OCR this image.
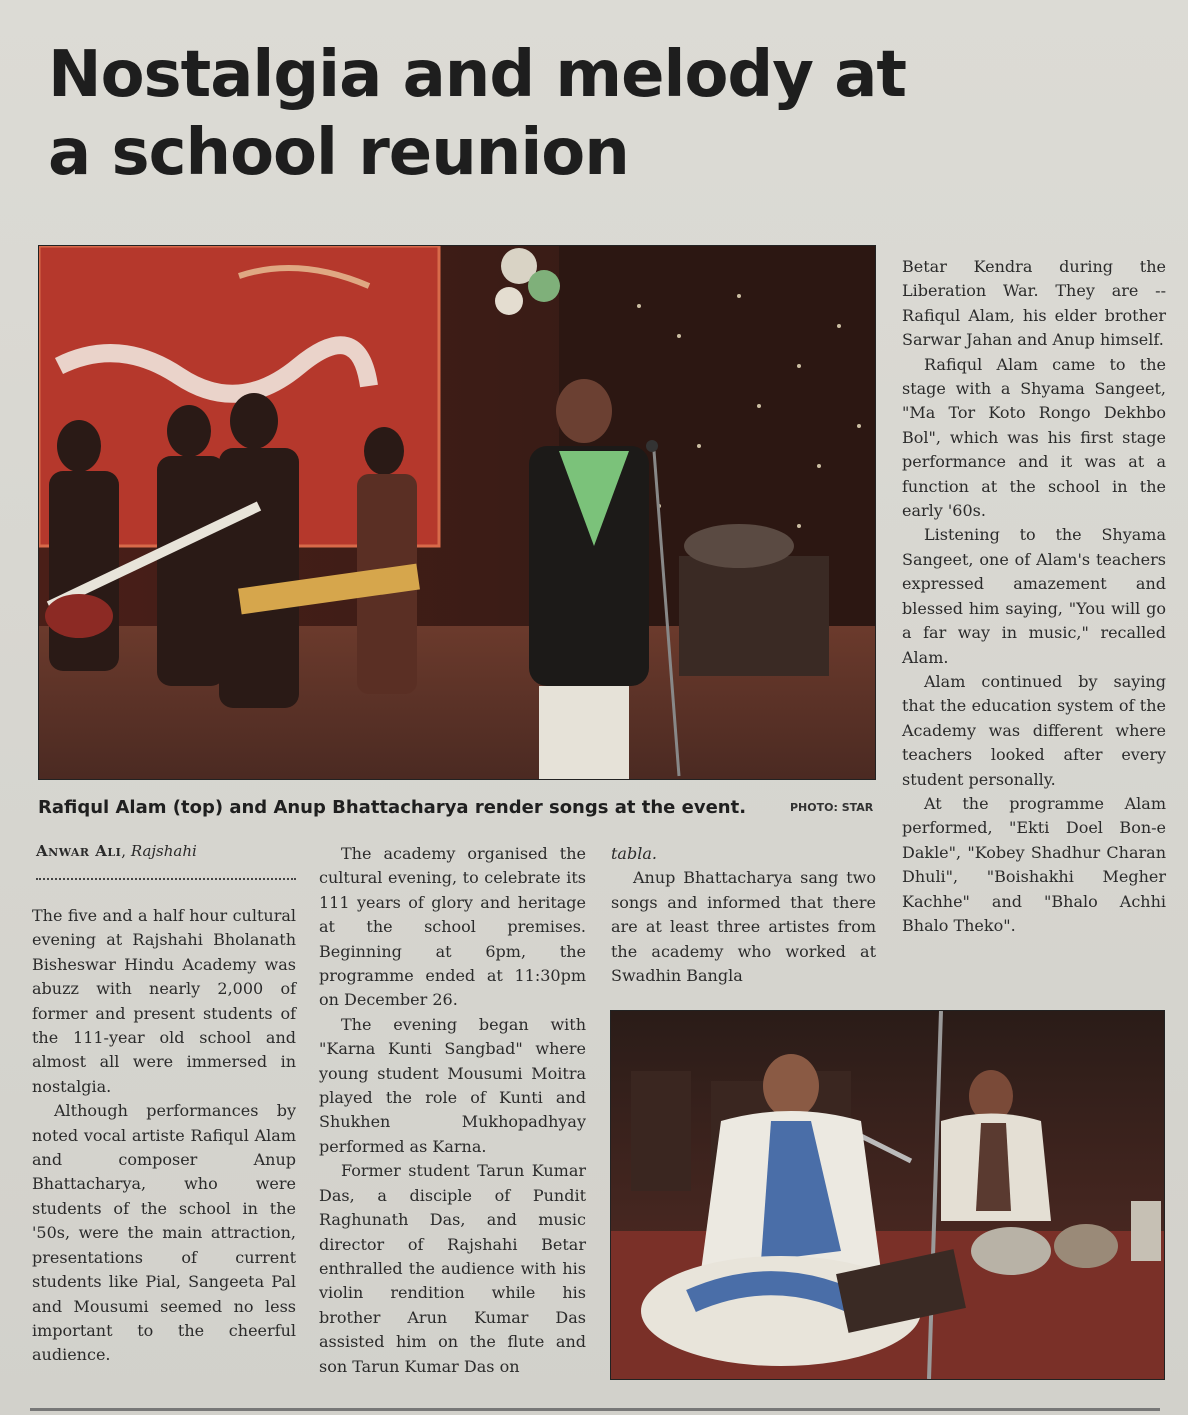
Nostalgia and melody at a school reunion
Rafiqul Alam (top) and Anup Bhattacharya render songs at the event.	PHOTO: STAR
Anwar Ali, Rajshahi

The five and a half hour cultural evening at Rajshahi Bholanath Bisheswar Hindu Academy was abuzz with nearly 2,000 of former and present students of the 111-year old school and almost all were immersed in nostalgia.

Although performances by noted vocal artiste Rafiqul Alam and composer Anup Bhattacharya, who were students of the school in the '50s, were the main attraction, presentations of current students like Pial, Sangeeta Pal and Mousumi seemed no less important to the cheerful audience.

The academy organised the cultural evening, to celebrate its 111 years of glory and heritage at the school premises. Beginning at 6pm, the programme ended at 11:30pm on December 26.

The evening began with "Karna Kunti Sangbad" where young student Mousumi Moitra played the role of Kunti and Shukhen Mukhopadhyay performed as Karna.

Former student Tarun Kumar Das, a disciple of Pundit Raghunath Das, and music director of Rajshahi Betar enthralled the audience with his violin rendition while his brother Arun Kumar Das assisted him on the flute and son Tarun Kumar Das on

tabla.

Anup Bhattacharya sang two songs and informed that there are at least three artistes from the academy who worked at Swadhin Bangla

Betar Kendra during the Liberation War. They are -- Rafiqul Alam, his elder brother Sarwar Jahan and Anup himself.

Rafiqul Alam came to the stage with a Shyama Sangeet, "Ma Tor Koto Rongo Dekhbo Bol", which was his first stage performance and it was at a function at the school in the early '60s.

Listening to the Shyama Sangeet, one of Alam's teachers expressed amazement and blessed him saying, "You will go a far way in music," recalled Alam.

Alam continued by saying that the education system of the Academy was different where teachers looked after every student personally.

At the programme Alam performed, "Ekti Doel Bon-e Dakle", "Kobey Shadhur Charan Dhuli", "Boishakhi Megher Kachhe" and "Bhalo Achhi Bhalo Theko".
